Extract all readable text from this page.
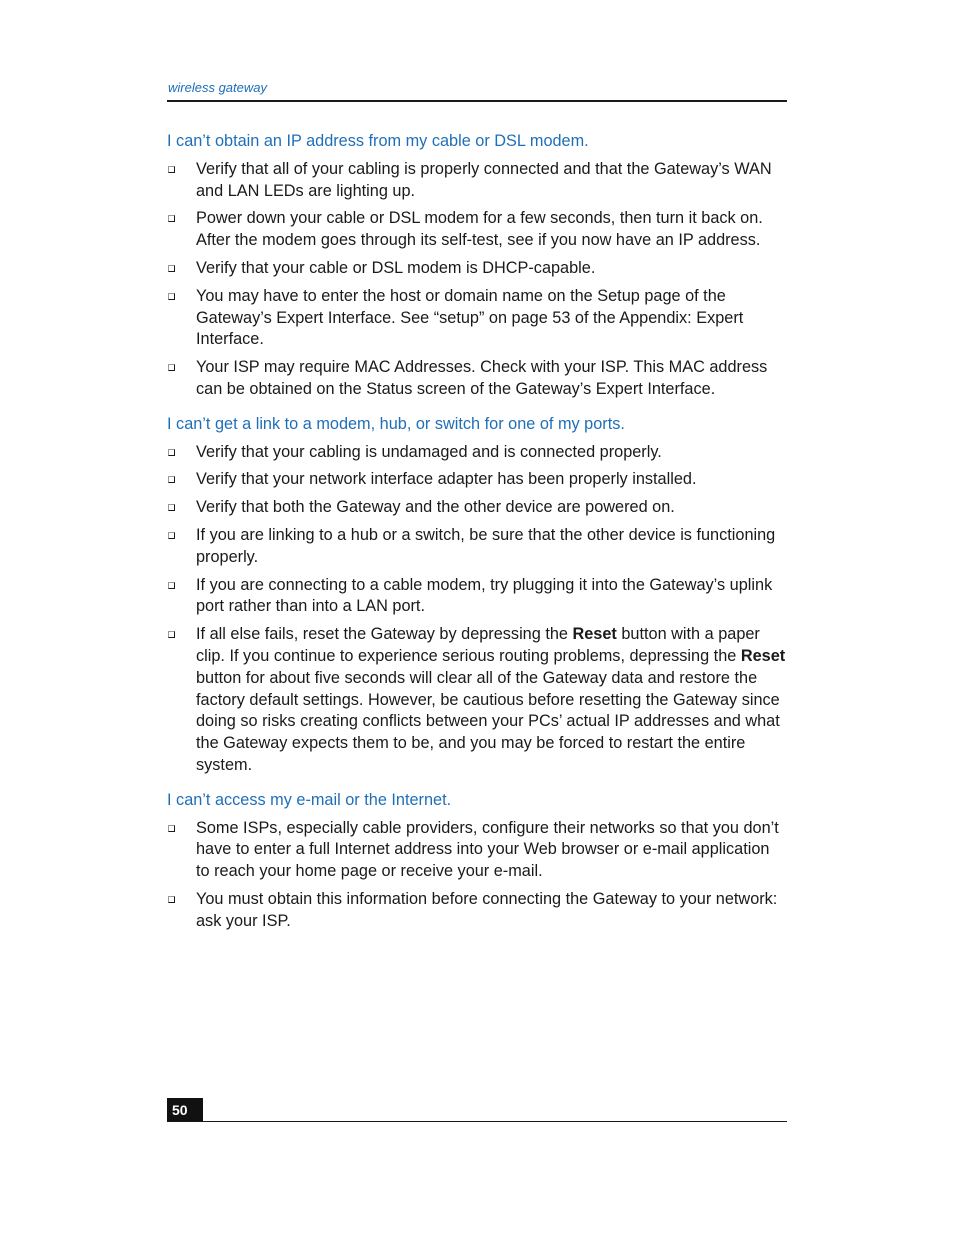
wireless gateway

I can’t obtain an IP address from my cable or DSL modem.

Verify that all of your cabling is properly connected and that the Gateway’s WAN and LAN LEDs are lighting up.
Power down your cable or DSL modem for a few seconds, then turn it back on. After the modem goes through its self-test, see if you now have an IP address.
Verify that your cable or DSL modem is DHCP-capable.
You may have to enter the host or domain name on the Setup page of the Gateway’s Expert Interface. See “setup” on page 53 of the Appendix: Expert Interface.
Your ISP may require MAC Addresses. Check with your ISP. This MAC address can be obtained on the Status screen of the Gateway’s Expert Interface.

I can’t get a link to a modem, hub, or switch for one of my ports.

Verify that your cabling is undamaged and is connected properly.
Verify that your network interface adapter has been properly installed.
Verify that both the Gateway and the other device are powered on.
If you are linking to a hub or a switch, be sure that the other device is functioning properly.
If you are connecting to a cable modem, try plugging it into the Gateway’s uplink port rather than into a LAN port.
If all else fails, reset the Gateway by depressing the Reset button with a paper clip. If you continue to experience serious routing problems, depressing the Reset button for about five seconds will clear all of the Gateway data and restore the factory default settings. However, be cautious before resetting the Gateway since doing so risks creating conflicts between your PCs’ actual IP addresses and what the Gateway expects them to be, and you may be forced to restart the entire system.

I can’t access my e-mail or the Internet.

Some ISPs, especially cable providers, configure their networks so that you don’t have to enter a full Internet address into your Web browser or e-mail application to reach your home page or receive your e-mail.
You must obtain this information before connecting the Gateway to your network: ask your ISP.
50
